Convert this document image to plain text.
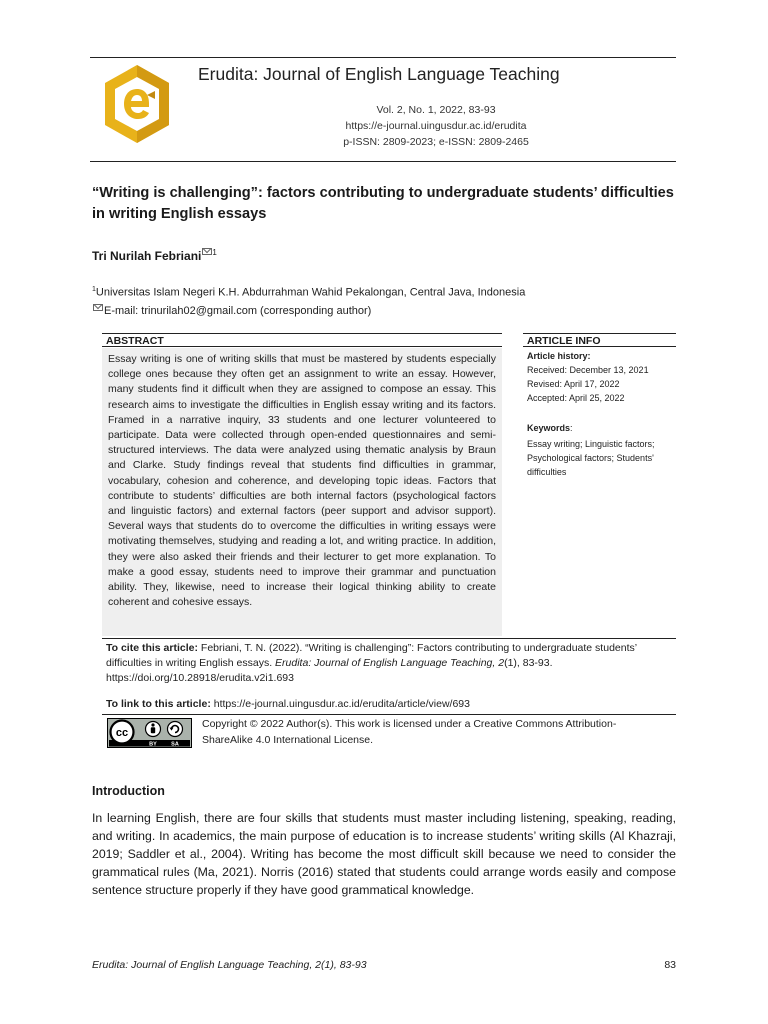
Erudita: Journal of English Language Teaching
Vol. 2, No. 1, 2022, 83-93
https://e-journal.uingusdur.ac.id/erudita
p-ISSN: 2809-2023; e-ISSN: 2809-2465
“Writing is challenging”: factors contributing to undergraduate students’ difficulties in writing English essays
Tri Nurilah Febriani $^1$
$^1$Universitas Islam Negeri K.H. Abdurrahman Wahid Pekalongan, Central Java, Indonesia
E-mail: trinurilah02@gmail.com (corresponding author)
ABSTRACT
Essay writing is one of writing skills that must be mastered by students especially college ones because they often get an assignment to write an essay. However, many students find it difficult when they are assigned to compose an essay. This research aims to investigate the difficulties in English essay writing and its factors. Framed in a narrative inquiry, 33 students and one lecturer volunteered to participate. Data were collected through open-ended questionnaires and semi-structured interviews. The data were analyzed using thematic analysis by Braun and Clarke. Study findings reveal that students find difficulties in grammar, vocabulary, cohesion and coherence, and developing topic ideas. Factors that contribute to students’ difficulties are both internal factors (psychological factors and linguistic factors) and external factors (peer support and advisor support). Several ways that students do to overcome the difficulties in writing essays were motivating themselves, studying and reading a lot, and writing practice. In addition, they were also asked their friends and their lecturer to get more explanation. To make a good essay, students need to improve their grammar and punctuation ability. They, likewise, need to increase their logical thinking ability to create coherent and cohesive essays.
ARTICLE INFO
Article history:
Received: December 13, 2021
Revised: April 17, 2022
Accepted: April 25, 2022
Keywords:
Essay writing; Linguistic factors; Psychological factors; Students' difficulties
To cite this article: Febriani, T. N. (2022). “Writing is challenging”: Factors contributing to undergraduate students’ difficulties in writing English essays. Erudita: Journal of English Language Teaching, 2(1), 83-93. https://doi.org/10.28918/erudita.v2i1.693
To link to this article: https://e-journal.uingusdur.ac.id/erudita/article/view/693
cc
BY	SA
Copyright © 2022 Author(s). This work is licensed under a Creative Commons Attribution-ShareAlike 4.0 International License.
Introduction
In learning English, there are four skills that students must master including listening, speaking, reading, and writing. In academics, the main purpose of education is to increase students’ writing skills (Al Khazraji, 2019; Saddler et al., 2004). Writing has become the most difficult skill because we need to consider the grammatical rules (Ma, 2021). Norris (2016) stated that students could arrange words easily and compose sentence structure properly if they have good grammatical knowledge.
Erudita: Journal of English Language Teaching, 2(1), 83-93	83
